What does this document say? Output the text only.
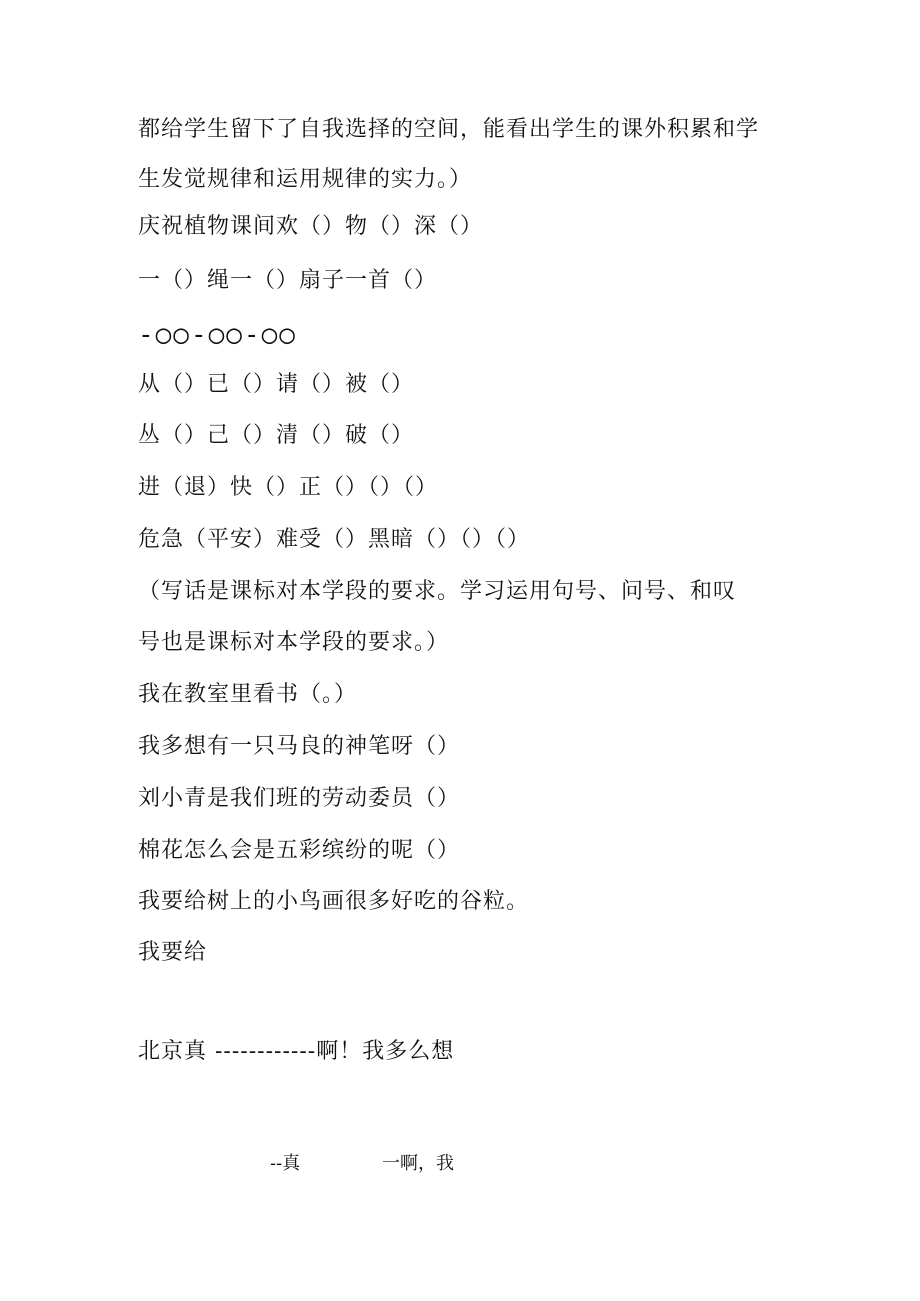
都给学生留下了自我选择的空间，能看出学生的课外积累和学
生发觉规律和运用规律的实力。）
庆祝植物课间欢（）物（）深（）
一（）绳一（）扇子一首（）
-○○-○○-○○
从（）已（）请（）被（）
丛（）己（）清（）破（）
进（退）快（）正（）（）（）
危急（平安）难受（）黑暗（）（）（）
（写话是课标对本学段的要求。学习运用句号、问号、和叹
号也是课标对本学段的要求。）
我在教室里看书（。）
我多想有一只马良的神笔呀（）
刘小青是我们班的劳动委员（）
棉花怎么会是五彩缤纷的呢（）
我要给树上的小鸟画很多好吃的谷粒。
我要给
北京真 ------------啊！我多么想
--真	一啊，我
